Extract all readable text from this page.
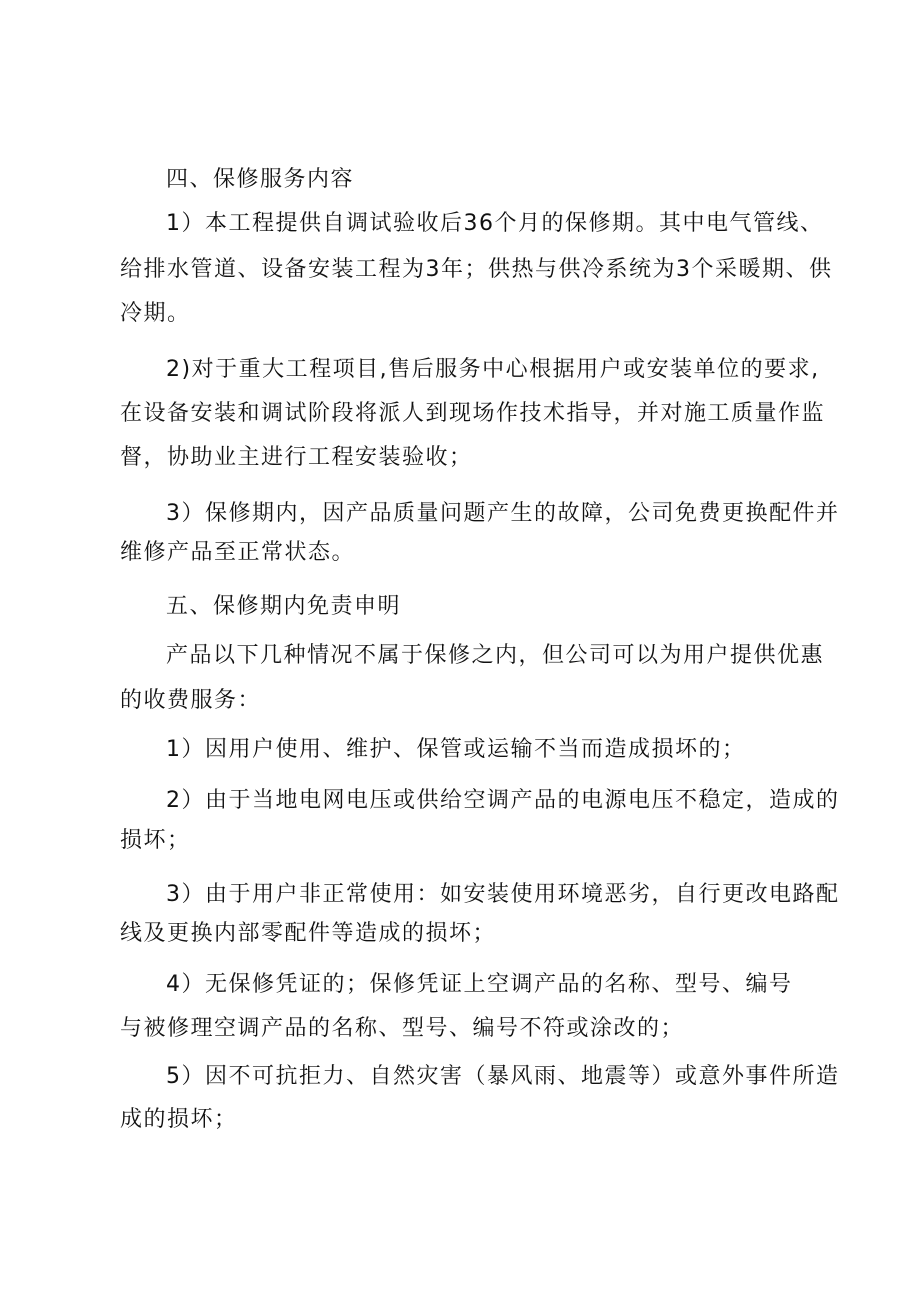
四、保修服务内容
1）本工程提供自调试验收后36个月的保修期。其中电气管线、
给排水管道、设备安装工程为3年；供热与供冷系统为3个采暖期、供
冷期。
2)对于重大工程项目,售后服务中心根据用户或安装单位的要求,
在设备安装和调试阶段将派人到现场作技术指导，并对施工质量作监
督，协助业主进行工程安装验收；
3）保修期内，因产品质量问题产生的故障，公司免费更换配件并
维修产品至正常状态。
五、保修期内免责申明
产品以下几种情况不属于保修之内，但公司可以为用户提供优惠
的收费服务：
1）因用户使用、维护、保管或运输不当而造成损坏的；
2）由于当地电网电压或供给空调产品的电源电压不稳定，造成的
损坏；
3）由于用户非正常使用：如安装使用环境恶劣，自行更改电路配
线及更换内部零配件等造成的损坏；
4）无保修凭证的；保修凭证上空调产品的名称、型号、编号
与被修理空调产品的名称、型号、编号不符或涂改的；
5）因不可抗拒力、自然灾害（暴风雨、地震等）或意外事件所造
成的损坏；
